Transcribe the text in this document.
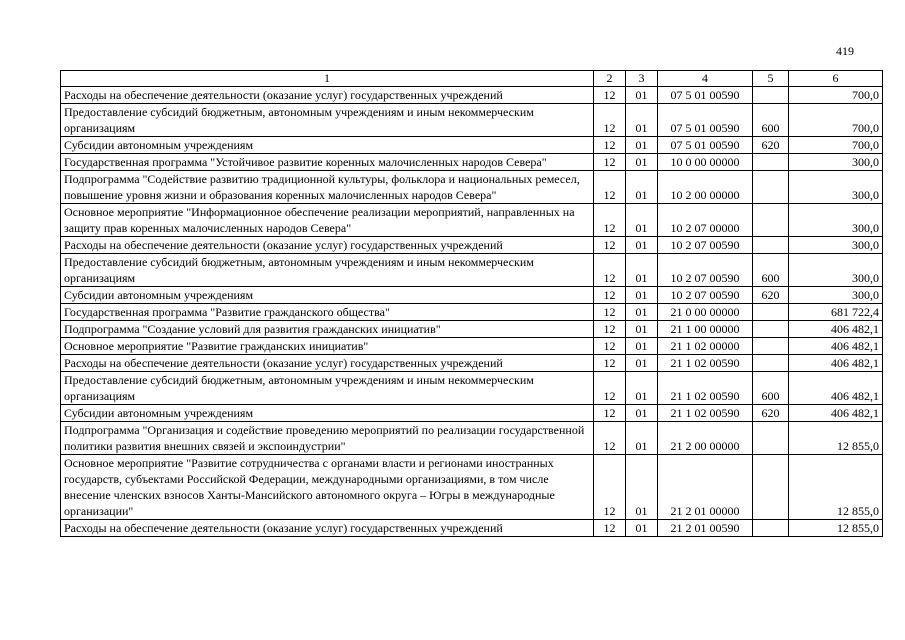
419
1	2	3	4	5	6
Расходы на обеспечение деятельности (оказание услуг) государственных учреждений	12	01	07 5 01 00590		700,0
Предоставление субсидий бюджетным, автономным учреждениям и иным некоммерческим организациям	12	01	07 5 01 00590	600	700,0
Субсидии автономным учреждениям	12	01	07 5 01 00590	620	700,0
Государственная программа "Устойчивое развитие коренных малочисленных народов Севера"	12	01	10 0 00 00000		300,0
Подпрограмма "Содействие развитию традиционной культуры, фольклора и национальных ремесел, повышение уровня жизни и образования коренных малочисленных народов Севера"	12	01	10 2 00 00000		300,0
Основное мероприятие "Информационное обеспечение реализации мероприятий, направленных на защиту прав коренных малочисленных народов Севера"	12	01	10 2 07 00000		300,0
Расходы на обеспечение деятельности (оказание услуг) государственных учреждений	12	01	10 2 07 00590		300,0
Предоставление субсидий бюджетным, автономным учреждениям и иным некоммерческим организациям	12	01	10 2 07 00590	600	300,0
Субсидии автономным учреждениям	12	01	10 2 07 00590	620	300,0
Государственная программа "Развитие гражданского общества"	12	01	21 0 00 00000		681 722,4
Подпрограмма "Создание условий для развития гражданских инициатив"	12	01	21 1 00 00000		406 482,1
Основное мероприятие "Развитие гражданских инициатив"	12	01	21 1 02 00000		406 482,1
Расходы на обеспечение деятельности (оказание услуг) государственных учреждений	12	01	21 1 02 00590		406 482,1
Предоставление субсидий бюджетным, автономным учреждениям и иным некоммерческим организациям	12	01	21 1 02 00590	600	406 482,1
Субсидии автономным учреждениям	12	01	21 1 02 00590	620	406 482,1
Подпрограмма "Организация и содействие проведению мероприятий по реализации государственной политики развития внешних связей и экспоиндустрии"	12	01	21 2 00 00000		12 855,0
Основное мероприятие "Развитие сотрудничества с органами власти и регионами иностранных государств, субъектами Российской Федерации, международными организациями, в том числе внесение членских взносов Ханты-Мансийского автономного округа – Югры в международные организации"	12	01	21 2 01 00000		12 855,0
Расходы на обеспечение деятельности (оказание услуг) государственных учреждений	12	01	21 2 01 00590		12 855,0
